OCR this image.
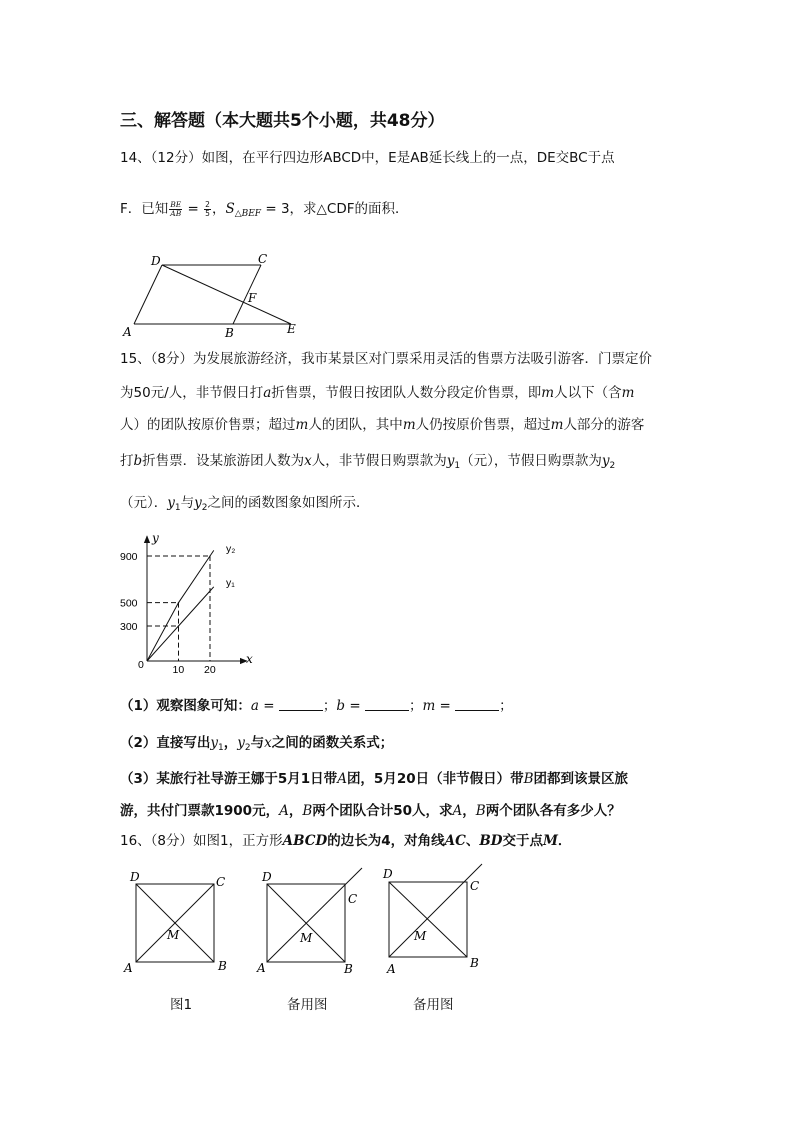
三、解答题（本大题共5个小题，共48分）
14、（12分）如图，在平行四边形ABCD中，E是AB延长线上的一点，DE交BC于点
F．已知 $\frac{BE}{AB} = \frac{2}{5}$ ，$S_{\triangle BEF} = 3$，求△CDF的面积．
D	C
F
A	B	E
15、（8分）为发展旅游经济，我市某景区对门票采用灵活的售票方法吸引游客．门票定价
为50元/人，非节假日打a折售票，节假日按团队人数分段定价售票，即m人以下（含m
人）的团队按原价售票；超过m人的团队，其中m人仍按原价售票，超过m人部分的游客
打b折售票．设某旅游团人数为x人，非节假日购票款为$y_1$（元），节假日购票款为$y_2$
（元）．$y_1$与$y_2$之间的函数图象如图所示．
300
500
900
10 20
y
x
0
y₂
y₁
（1）观察图象可知：a =	；b =	；m =	；
（2）直接写出$y_1$，$y_2$与x之间的函数关系式；
（3）某旅行社导游王娜于5月1日带A团，5月20日（非节假日）带B团都到该景区旅
游，共付门票款1900元，A，B两个团队合计50人，求A，B两个团队各有多少人？
16、（8分）如图1，正方形ABCD的边长为4，对角线AC、BD交于点M．
D	C
M
A	B
图1
D
C
M
A	B
备用图
D
C
M
A	B
备用图
